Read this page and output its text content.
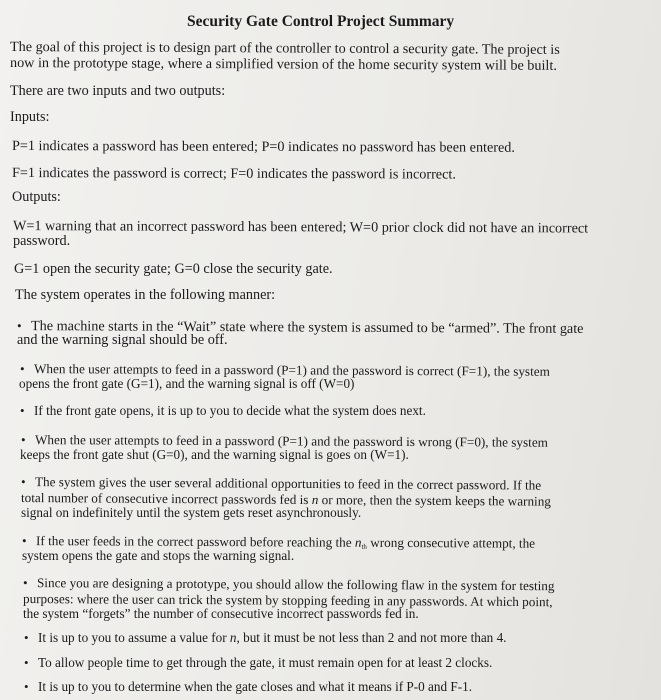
Security Gate Control Project Summary
The goal of this project is to design part of the controller to control a security gate. The project is
now in the prototype stage, where a simplified version of the home security system will be built.
There are two inputs and two outputs:
Inputs:
P=1 indicates a password has been entered; P=0 indicates no password has been entered.
F=1 indicates the password is correct; F=0 indicates the password is incorrect.
Outputs:
W=1 warning that an incorrect password has been entered; W=0 prior clock did not have an incorrect
password.
G=1 open the security gate; G=0 close the security gate.
The system operates in the following manner:
• The machine starts in the “Wait” state where the system is assumed to be “armed”. The front gate
and the warning signal should be off.
• When the user attempts to feed in a password (P=1) and the password is correct (F=1), the system
opens the front gate (G=1), and the warning signal is off (W=0)
• If the front gate opens, it is up to you to decide what the system does next.
• When the user attempts to feed in a password (P=1) and the password is wrong (F=0), the system
keeps the front gate shut (G=0), and the warning signal is goes on (W=1).
• The system gives the user several additional opportunities to feed in the correct password. If the
total number of consecutive incorrect passwords fed is n or more, then the system keeps the warning
signal on indefinitely until the system gets reset asynchronously.
• If the user feeds in the correct password before reaching the $n^{th}$ wrong consecutive attempt, the
system opens the gate and stops the warning signal.
• Since you are designing a prototype, you should allow the following flaw in the system for testing
purposes: where the user can trick the system by stopping feeding in any passwords. At which point,
the system “forgets” the number of consecutive incorrect passwords fed in.
• It is up to you to assume a value for n, but it must be not less than 2 and not more than 4.
• To allow people time to get through the gate, it must remain open for at least 2 clocks.
• It is up to you to determine when the gate closes and what it means if P-0 and F-1.
